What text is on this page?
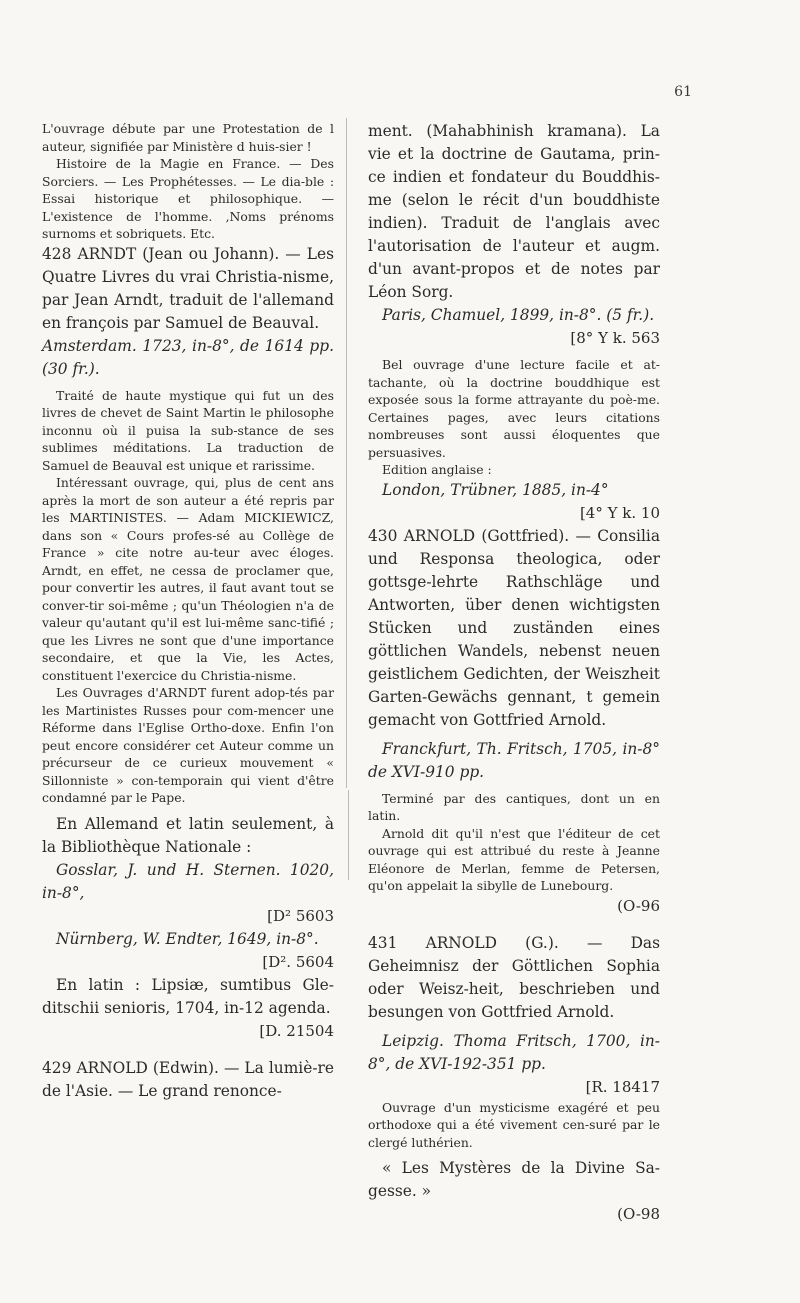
61

L'ouvrage débute par une Protestation de l auteur, signifiée par Ministère d huis-sier !

Histoire de la Magie en France. — Des Sorciers. — Les Prophétesses. — Le dia-ble : Essai historique et philosophique. — L'existence de l'homme. ,Noms prénoms surnoms et sobriquets. Etc.

428 ARNDT (Jean ou Johann). — Les Quatre Livres du vrai Christia-nisme, par Jean Arndt, traduit de l'allemand en françois par Samuel de Beauval.

Amsterdam. 1723, in-8°, de 1614 pp. (30 fr.).

Traité de haute mystique qui fut un des livres de chevet de Saint Martin le philosophe inconnu où il puisa la sub-stance de ses sublimes méditations. La traduction de Samuel de Beauval est unique et rarissime.

Intéressant ouvrage, qui, plus de cent ans après la mort de son auteur a été repris par les MARTINISTES. — Adam MICKIEWICZ, dans son « Cours profes-sé au Collège de France » cite notre au-teur avec éloges. Arndt, en effet, ne cessa de proclamer que, pour convertir les autres, il faut avant tout se conver-tir soi-même ; qu'un Théologien n'a de valeur qu'autant qu'il est lui-même sanc-tifié ; que les Livres ne sont que d'une importance secondaire, et que la Vie, les Actes, constituent l'exercice du Christia-nisme.

Les Ouvrages d'ARNDT furent adop-tés par les Martinistes Russes pour com-mencer une Réforme dans l'Eglise Ortho-doxe. Enfin l'on peut encore considérer cet Auteur comme un précurseur de ce curieux mouvement « Sillonniste » con-temporain qui vient d'être condamné par le Pape.

En Allemand et latin seulement, à la Bibliothèque Nationale :

Gosslar, J. und H. Sternen. 1020, in-8°,

[D² 5603

Nürnberg, W. Endter, 1649, in-8°.

[D². 5604

En latin : Lipsiæ, sumtibus Gle-ditschii senioris, 1704, in-12 agenda.

[D. 21504

429 ARNOLD (Edwin). — La lumiè-re de l'Asie. — Le grand renonce-

ment. (Mahabhinish kramana). La vie et la doctrine de Gautama, prin-ce indien et fondateur du Bouddhis-me (selon le récit d'un bouddhiste indien). Traduit de l'anglais avec l'autorisation de l'auteur et augm. d'un avant-propos et de notes par Léon Sorg.

Paris, Chamuel, 1899, in-8°. (5 fr.).

[8° Y k. 563

Bel ouvrage d'une lecture facile et at-tachante, où la doctrine bouddhique est exposée sous la forme attrayante du poè-me. Certaines pages, avec leurs citations nombreuses sont aussi éloquentes que persuasives.

Edition anglaise :

London, Trübner, 1885, in-4°

[4° Y k. 10

430 ARNOLD (Gottfried). — Consilia und Responsa theologica, oder gottsge-lehrte Rathschläge und Antworten, über denen wichtigsten Stücken und zuständen eines göttlichen Wandels, nebenst neuen geistlichem Gedichten, der Weiszheit Garten-Gewächs gennant, t gemein gemacht von Gottfried Arnold.

Franckfurt, Th. Fritsch, 1705, in-8° de XVI-910 pp.

Terminé par des cantiques, dont un en latin.

Arnold dit qu'il n'est que l'éditeur de cet ouvrage qui est attribué du reste à Jeanne Eléonore de Merlan, femme de Petersen, qu'on appelait la sibylle de Lunebourg.

(O-96

431 ARNOLD (G.). — Das Geheimnisz der Göttlichen Sophia oder Weisz-heit, beschrieben und besungen von Gottfried Arnold.

Leipzig. Thoma Fritsch, 1700, in-8°, de XVI-192-351 pp.

[R. 18417

Ouvrage d'un mysticisme exagéré et peu orthodoxe qui a été vivement cen-suré par le clergé luthérien.

« Les Mystères de la Divine Sa-gesse. »

(O-98
